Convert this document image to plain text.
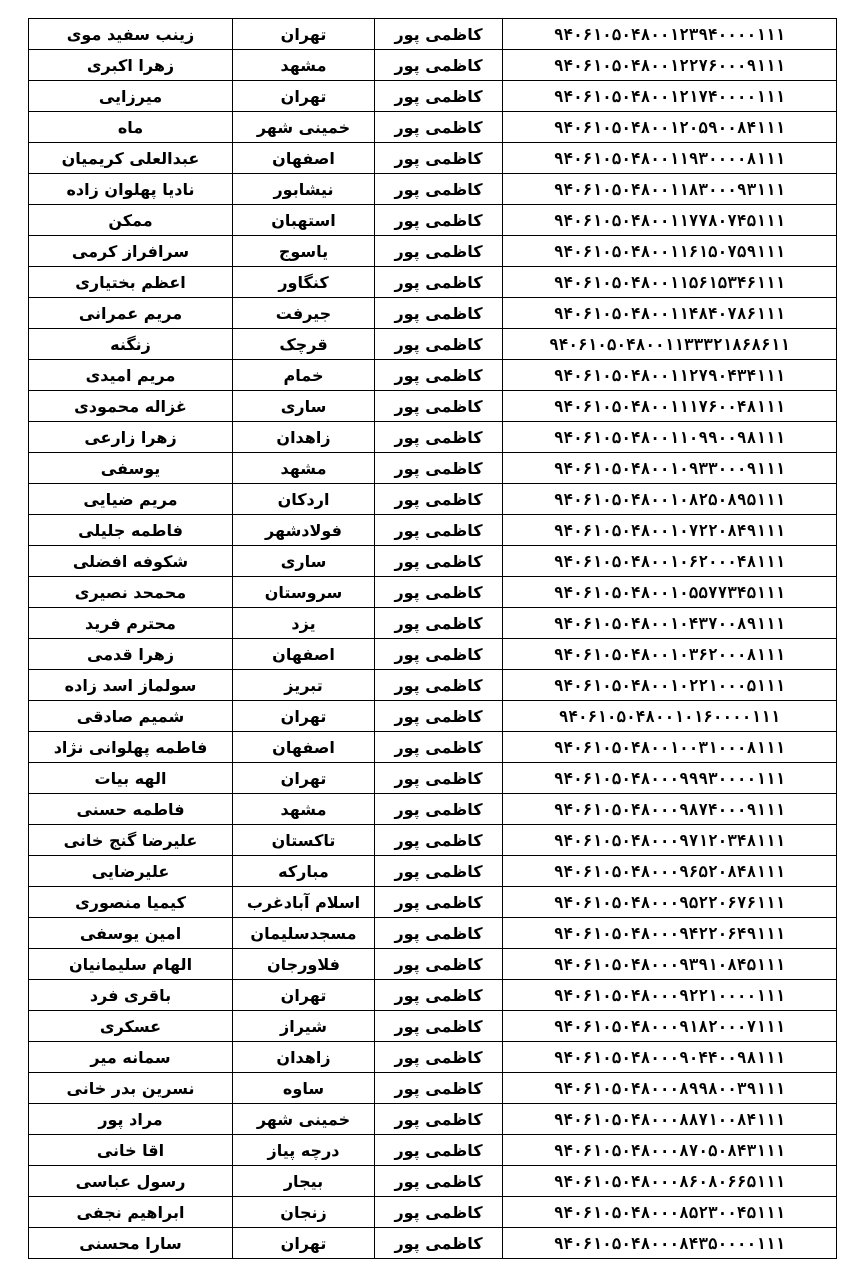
زینب سفید موی	تهران	کاظمی پور	۹۴۰۶۱۰۵۰۴۸۰۰۱۲۳۹۴۰۰۰۰۱۱۱
زهرا اکبری	مشهد	کاظمی پور	۹۴۰۶۱۰۵۰۴۸۰۰۱۲۲۷۶۰۰۰۹۱۱۱
میرزایی	تهران	کاظمی پور	۹۴۰۶۱۰۵۰۴۸۰۰۱۲۱۷۴۰۰۰۰۱۱۱
ماه	خمینی شهر	کاظمی پور	۹۴۰۶۱۰۵۰۴۸۰۰۱۲۰۵۹۰۰۸۴۱۱۱
عبدالعلی کریمیان	اصفهان	کاظمی پور	۹۴۰۶۱۰۵۰۴۸۰۰۱۱۹۳۰۰۰۰۸۱۱۱
نادیا پهلوان زاده	نیشابور	کاظمی پور	۹۴۰۶۱۰۵۰۴۸۰۰۱۱۸۳۰۰۰۹۳۱۱۱
ممکن	استهبان	کاظمی پور	۹۴۰۶۱۰۵۰۴۸۰۰۱۱۷۷۸۰۷۴۵۱۱۱
سرافراز کرمی	یاسوج	کاظمی پور	۹۴۰۶۱۰۵۰۴۸۰۰۱۱۶۱۵۰۷۵۹۱۱۱
اعظم بختیاری	کنگاور	کاظمی پور	۹۴۰۶۱۰۵۰۴۸۰۰۱۱۵۶۱۵۳۴۶۱۱۱
مریم عمرانی	جیرفت	کاظمی پور	۹۴۰۶۱۰۵۰۴۸۰۰۱۱۴۸۴۰۷۸۶۱۱۱
زنگنه	قرچک	کاظمی پور	۹۴۰۶۱۰۵۰۴۸۰۰۱۱۳۳۳۲۱۸۶۸۶۱۱
مریم امیدی	خمام	کاظمی پور	۹۴۰۶۱۰۵۰۴۸۰۰۱۱۲۷۹۰۴۳۴۱۱۱
غزاله محمودی	ساری	کاظمی پور	۹۴۰۶۱۰۵۰۴۸۰۰۱۱۱۷۶۰۰۴۸۱۱۱
زهرا زارعی	زاهدان	کاظمی پور	۹۴۰۶۱۰۵۰۴۸۰۰۱۱۰۹۹۰۰۹۸۱۱۱
یوسفی	مشهد	کاظمی پور	۹۴۰۶۱۰۵۰۴۸۰۰۱۰۹۳۳۰۰۰۹۱۱۱
مریم ضیایی	اردکان	کاظمی پور	۹۴۰۶۱۰۵۰۴۸۰۰۱۰۸۲۵۰۸۹۵۱۱۱
فاطمه جلیلی	فولادشهر	کاظمی پور	۹۴۰۶۱۰۵۰۴۸۰۰۱۰۷۲۲۰۸۴۹۱۱۱
شکوفه افضلی	ساری	کاظمی پور	۹۴۰۶۱۰۵۰۴۸۰۰۱۰۶۲۰۰۰۴۸۱۱۱
محمحد نصیری	سروستان	کاظمی پور	۹۴۰۶۱۰۵۰۴۸۰۰۱۰۵۵۷۷۳۴۵۱۱۱
محترم فرید	یزد	کاظمی پور	۹۴۰۶۱۰۵۰۴۸۰۰۱۰۴۳۷۰۰۸۹۱۱۱
زهرا قدمی	اصفهان	کاظمی پور	۹۴۰۶۱۰۵۰۴۸۰۰۱۰۳۶۲۰۰۰۸۱۱۱
سولماز اسد زاده	تبریز	کاظمی پور	۹۴۰۶۱۰۵۰۴۸۰۰۱۰۲۲۱۰۰۰۵۱۱۱
شمیم صادقی	تهران	کاظمی پور	۹۴۰۶۱۰۵۰۴۸۰۰۱۰۱۶۰۰۰۰۱۱۱
فاطمه پهلوانی نژاد	اصفهان	کاظمی پور	۹۴۰۶۱۰۵۰۴۸۰۰۱۰۰۳۱۰۰۰۸۱۱۱
الهه بیات	تهران	کاظمی پور	۹۴۰۶۱۰۵۰۴۸۰۰۰۹۹۹۳۰۰۰۰۱۱۱
فاطمه حسنی	مشهد	کاظمی پور	۹۴۰۶۱۰۵۰۴۸۰۰۰۹۸۷۴۰۰۰۹۱۱۱
علیرضا گنج خانی	تاکستان	کاظمی پور	۹۴۰۶۱۰۵۰۴۸۰۰۰۹۷۱۲۰۳۴۸۱۱۱
علیرضایی	مبارکه	کاظمی پور	۹۴۰۶۱۰۵۰۴۸۰۰۰۹۶۵۲۰۸۴۸۱۱۱
کیمیا منصوری	اسلام آبادغرب	کاظمی پور	۹۴۰۶۱۰۵۰۴۸۰۰۰۹۵۲۲۰۶۷۶۱۱۱
امین یوسفی	مسجدسلیمان	کاظمی پور	۹۴۰۶۱۰۵۰۴۸۰۰۰۹۴۲۲۰۶۴۹۱۱۱
الهام سلیمانیان	فلاورجان	کاظمی پور	۹۴۰۶۱۰۵۰۴۸۰۰۰۹۳۹۱۰۸۴۵۱۱۱
باقری فرد	تهران	کاظمی پور	۹۴۰۶۱۰۵۰۴۸۰۰۰۹۲۲۱۰۰۰۰۱۱۱
عسکری	شیراز	کاظمی پور	۹۴۰۶۱۰۵۰۴۸۰۰۰۹۱۸۲۰۰۰۷۱۱۱
سمانه میر	زاهدان	کاظمی پور	۹۴۰۶۱۰۵۰۴۸۰۰۰۹۰۴۴۰۰۹۸۱۱۱
نسرین بدر خانی	ساوه	کاظمی پور	۹۴۰۶۱۰۵۰۴۸۰۰۰۸۹۹۸۰۰۳۹۱۱۱
مراد پور	خمینی شهر	کاظمی پور	۹۴۰۶۱۰۵۰۴۸۰۰۰۸۸۷۱۰۰۸۴۱۱۱
اقا خانی	درچه پیاز	کاظمی پور	۹۴۰۶۱۰۵۰۴۸۰۰۰۸۷۰۵۰۸۴۳۱۱۱
رسول عباسی	بیجار	کاظمی پور	۹۴۰۶۱۰۵۰۴۸۰۰۰۸۶۰۸۰۶۶۵۱۱۱
ابراهیم نجفی	زنجان	کاظمی پور	۹۴۰۶۱۰۵۰۴۸۰۰۰۸۵۲۳۰۰۴۵۱۱۱
سارا محسنی	تهران	کاظمی پور	۹۴۰۶۱۰۵۰۴۸۰۰۰۸۴۳۵۰۰۰۰۱۱۱
